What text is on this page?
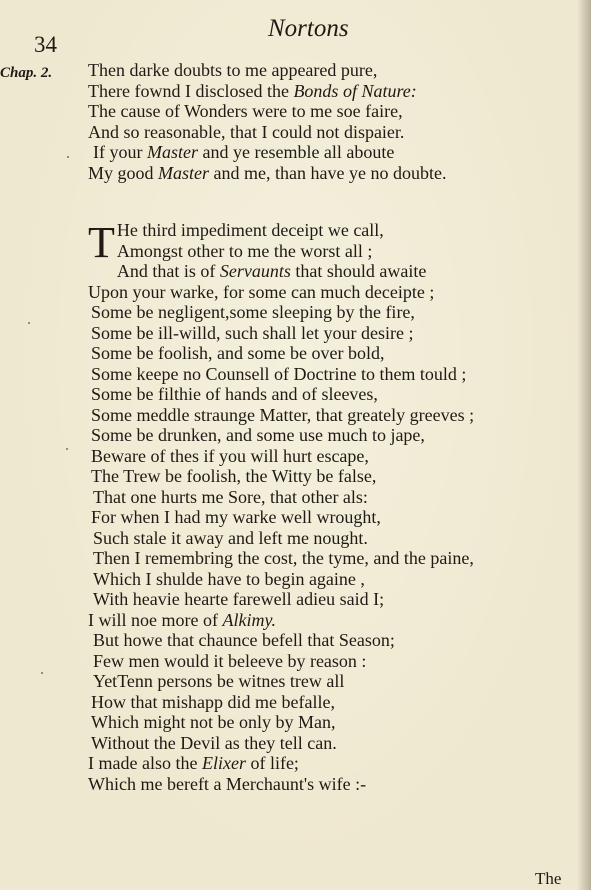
34
Nortons
Chap. 2. Then darke doubts to me appeared pure,
There fownd I disclosed the Bonds of Nature:
The cause of Wonders were to me soe faire,
And so reasonable, that I could not dispaier.
If your Master and ye resemble all aboute
My good Master and me, than have ye no doubte.
T He third impediment deceipt we call,
Amongst other to me the worst all ;
And that is of Servaunts that should awaite
Upon your warke, for some can much deceipte ;
Some be negligent,some sleeping by the fire,
Some be ill-willd, such shall let your desire ;
Some be foolish, and some be over bold,
Some keepe no Counsell of Doctrine to them tould ;
Some be filthie of hands and of sleeves,
Some meddle straunge Matter, that greately greeves ;
Some be drunken, and some use much to jape,
Beware of thes if you will hurt escape,
The Trew be foolish, the Witty be false,
That one hurts me Sore, that other als:
For when I had my warke well wrought,
Such stale it away and left me nought.
Then I remembring the cost, the tyme, and the paine,
Which I shulde have to begin againe ,
With heavie hearte farewell adieu said I;
I will noe more of Alkimy.
But howe that chaunce befell that Season;
Few men would it beleeve by reason :
YetTenn persons be witnes trew all
How that mishapp did me befalle,
Which might not be only by Man,
Without the Devil as they tell can.
I made also the Elixer of life;
Which me bereft a Merchaunt's wife :-
The
